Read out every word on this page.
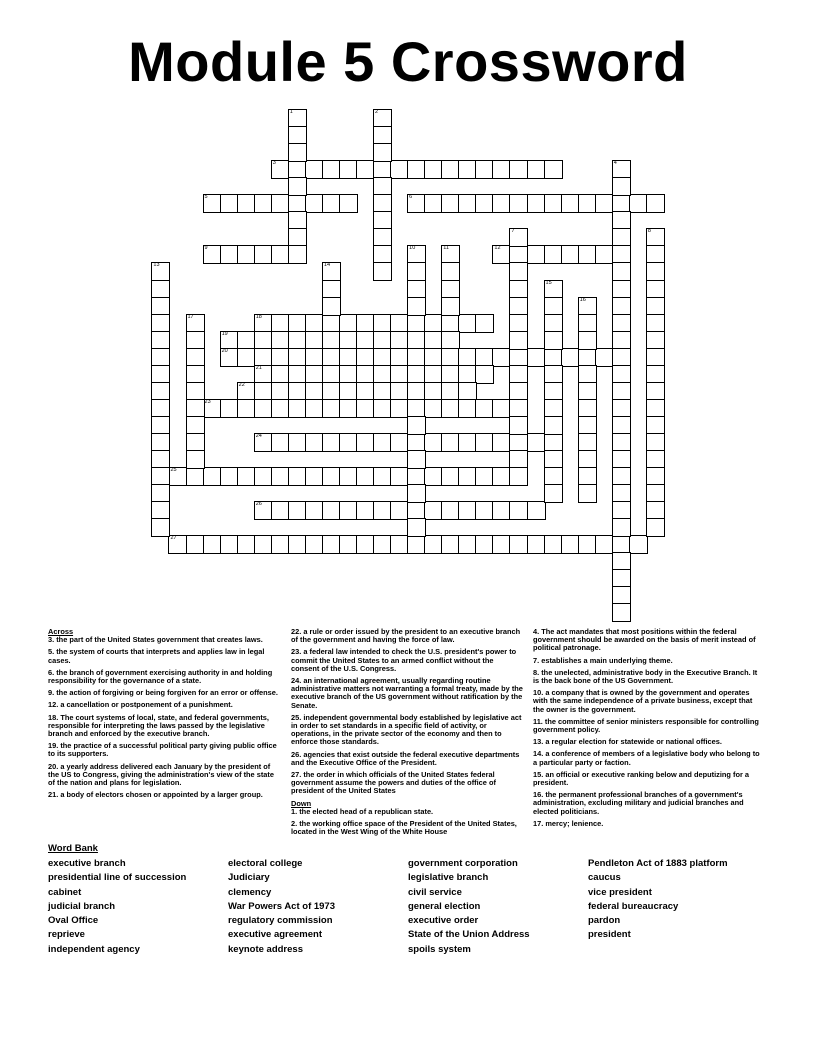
Module 5 Crossword
3
5	6
9	12
18
19
20
21
22
23
24
25
26
27
1	2
4
7	8
10	11
13	14
15
16
17
Across
3. the part of the United States government that creates laws.
5. the system of courts that interprets and applies law in legal cases.
6. the branch of government exercising authority in and holding responsibility for the governance of a state.
9. the action of forgiving or being forgiven for an error or offense.
12. a cancellation or postponement of a punishment.
18. The court systems of local, state, and federal governments, responsible for interpreting the laws passed by the legislative branch and enforced by the executive branch.
19. the practice of a successful political party giving public office to its supporters.
20. a yearly address delivered each January by the president of the US to Congress, giving the administration's view of the state of the nation and plans for legislation.
21. a body of electors chosen or appointed by a larger group.
22. a rule or order issued by the president to an executive branch of the government and having the force of law.
23. a federal law intended to check the U.S. president's power to commit the United States to an armed conflict without the consent of the U.S. Congress.
24. an international agreement, usually regarding routine administrative matters not warranting a formal treaty, made by the executive branch of the US government without ratification by the Senate.
25. independent governmental body established by legislative act in order to set standards in a specific field of activity, or operations, in the private sector of the economy and then to enforce those standards.
26. agencies that exist outside the federal executive departments and the Executive Office of the President.
27. the order in which officials of the United States federal government assume the powers and duties of the office of president of the United States
Down
1. the elected head of a republican state.
2. the working office space of the President of the United States, located in the West Wing of the White House
4. The act mandates that most positions within the federal government should be awarded on the basis of merit instead of political patronage.
7. establishes a main underlying theme.
8. the unelected, administrative body in the Executive Branch. It is the back bone of the US Government.
10. a company that is owned by the government and operates with the same independence of a private business, except that the owner is the government.
11. the committee of senior ministers responsible for controlling government policy.
13. a regular election for statewide or national offices.
14. a conference of members of a legislative body who belong to a particular party or faction.
15. an official or executive ranking below and deputizing for a president.
16. the permanent professional branches of a government's administration, excluding military and judicial branches and elected politicians.
17. mercy; lenience.
Word Bank
executive branch
presidential line of succession
cabinet
judicial branch
Oval Office
reprieve
independent agency
electoral college
Judiciary
clemency
War Powers Act of 1973
regulatory commission
executive agreement
keynote address
government corporation
legislative branch
civil service
general election
executive order
State of the Union Address
spoils system
Pendleton Act of 1883 platform
caucus
vice president
federal bureaucracy
pardon
president
